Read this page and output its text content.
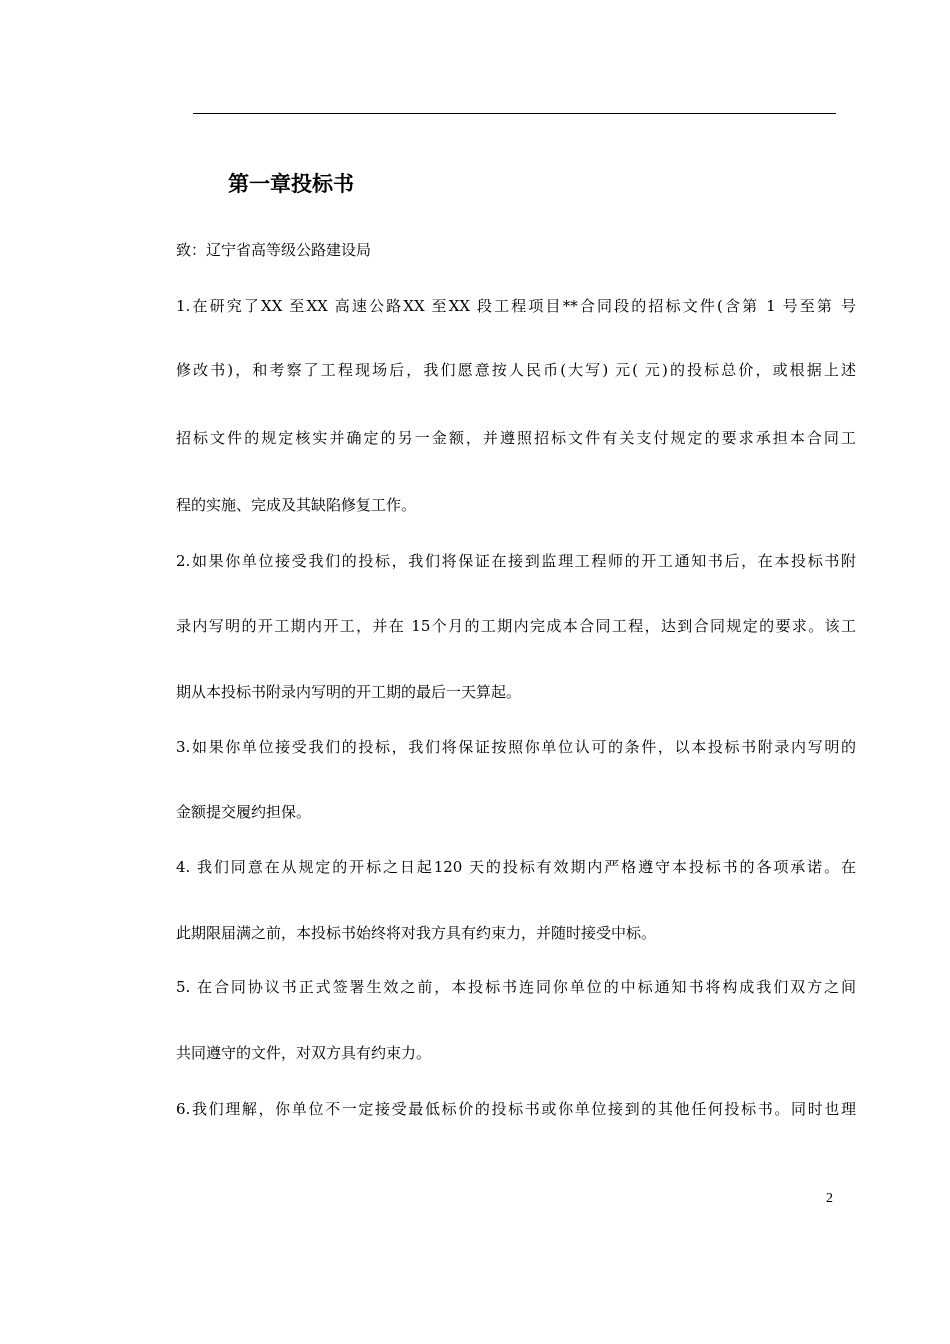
第一章投标书
致：辽宁省高等级公路建设局
1.在研究了XX 至XX 高速公路XX 至XX 段工程项目**合同段的招标文件(含第 1 号至第 号
修改书)，和考察了工程现场后，我们愿意按人民币(大写) 元( 元)的投标总价，或根据上述
招标文件的规定核实并确定的另一金额，并遵照招标文件有关支付规定的要求承担本合同工
程的实施、完成及其缺陷修复工作。
2.如果你单位接受我们的投标，我们将保证在接到监理工程师的开工通知书后，在本投标书附
录内写明的开工期内开工，并在 15个月的工期内完成本合同工程，达到合同规定的要求。该工
期从本投标书附录内写明的开工期的最后一天算起。
3.如果你单位接受我们的投标，我们将保证按照你单位认可的条件，以本投标书附录内写明的
金额提交履约担保。
4. 我们同意在从规定的开标之日起120 天的投标有效期内严格遵守本投标书的各项承诺。在
此期限届满之前，本投标书始终将对我方具有约束力，并随时接受中标。
5. 在合同协议书正式签署生效之前，本投标书连同你单位的中标通知书将构成我们双方之间
共同遵守的文件，对双方具有约束力。
6.我们理解，你单位不一定接受最低标价的投标书或你单位接到的其他任何投标书。同时也理
2
